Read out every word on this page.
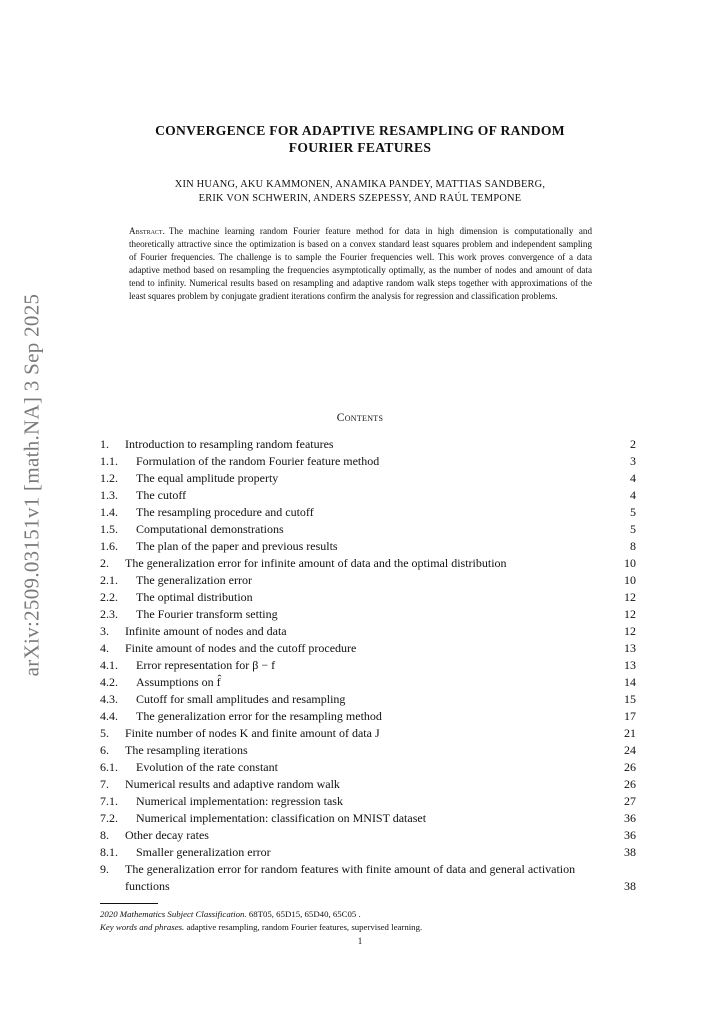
arXiv:2509.03151v1 [math.NA] 3 Sep 2025
CONVERGENCE FOR ADAPTIVE RESAMPLING OF RANDOM
FOURIER FEATURES
XIN HUANG, AKU KAMMONEN, ANAMIKA PANDEY, MATTIAS SANDBERG,
ERIK VON SCHWERIN, ANDERS SZEPESSY, AND RAÚL TEMPONE
Abstract. The machine learning random Fourier feature method for data in high dimension is computationally and theoretically attractive since the optimization is based on a convex standard least squares problem and independent sampling of Fourier frequencies. The challenge is to sample the Fourier frequencies well. This work proves convergence of a data adaptive method based on resampling the frequencies asymptotically optimally, as the number of nodes and amount of data tend to infinity. Numerical results based on resampling and adaptive random walk steps together with approximations of the least squares problem by conjugate gradient iterations confirm the analysis for regression and classification problems.
Contents
1. Introduction to resampling random features	2
1.1. Formulation of the random Fourier feature method	3
1.2. The equal amplitude property	4
1.3. The cutoff	4
1.4. The resampling procedure and cutoff	5
1.5. Computational demonstrations	5
1.6. The plan of the paper and previous results	8
2. The generalization error for infinite amount of data and the optimal distribution	10
2.1. The generalization error	10
2.2. The optimal distribution	12
2.3. The Fourier transform setting	12
3. Infinite amount of nodes and data	12
4. Finite amount of nodes and the cutoff procedure	13
4.1. Error representation for β − f	13
4.2. Assumptions on f̂	14
4.3. Cutoff for small amplitudes and resampling	15
4.4. The generalization error for the resampling method	17
5. Finite number of nodes K and finite amount of data J	21
6. The resampling iterations	24
6.1. Evolution of the rate constant	26
7. Numerical results and adaptive random walk	26
7.1. Numerical implementation: regression task	27
7.2. Numerical implementation: classification on MNIST dataset	36
8. Other decay rates	36
8.1. Smaller generalization error	38
9. The generalization error for random features with finite amount of data and general activation functions	38
2020 Mathematics Subject Classification. 68T05, 65D15, 65D40, 65C05 .
Key words and phrases. adaptive resampling, random Fourier features, supervised learning.
1
